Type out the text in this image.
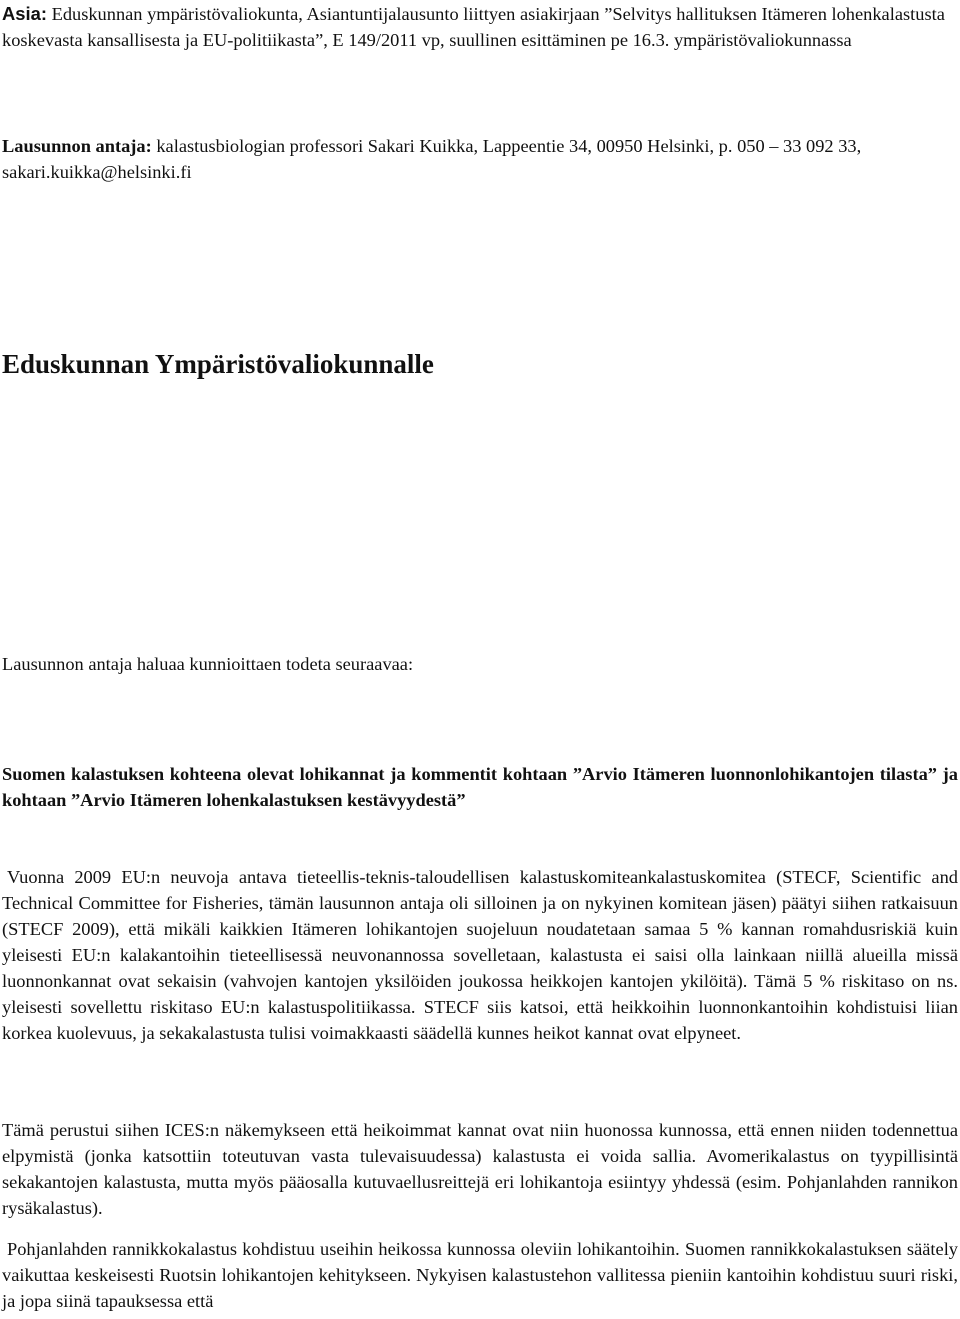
Asia: Eduskunnan ympäristövaliokunta, Asiantuntijalausunto liittyen asiakirjaan ”Selvitys hallituksen Itämeren lohenkalastusta koskevasta kansallisesta ja EU-politiikasta”, E 149/2011 vp, suullinen esittäminen pe 16.3. ympäristövaliokunnassa

Lausunnon antaja: kalastusbiologian professori Sakari Kuikka, Lappeentie 34, 00950 Helsinki, p. 050 – 33 092 33, sakari.kuikka@helsinki.fi

Eduskunnan Ympäristövaliokunnalle

Lausunnon antaja haluaa kunnioittaen todeta seuraavaa:

Suomen kalastuksen kohteena olevat lohikannat ja kommentit kohtaan ”Arvio Itämeren luonnonlohikantojen tilasta” ja kohtaan ”Arvio Itämeren lohenkalastuksen kestävyydestä”

Vuonna 2009 EU:n neuvoja antava tieteellis-teknis-taloudellisen kalastuskomiteankalastuskomitea (STECF, Scientific and Technical Committee for Fisheries, tämän lausunnon antaja oli silloinen ja on nykyinen komitean jäsen) päätyi siihen ratkaisuun (STECF 2009), että mikäli kaikkien Itämeren lohikantojen suojeluun noudatetaan samaa 5 % kannan romahdusriskiä kuin yleisesti EU:n kalakantoihin tieteellisessä neuvonannossa sovelletaan, kalastusta ei saisi olla lainkaan niillä alueilla missä luonnonkannat ovat sekaisin (vahvojen kantojen yksilöiden joukossa heikkojen kantojen ykilöitä). Tämä 5 % riskitaso on ns. yleisesti sovellettu riskitaso EU:n kalastuspolitiikassa. STECF siis katsoi, että heikkoihin luonnonkantoihin kohdistuisi liian korkea kuolevuus, ja sekakalastusta tulisi voimakkaasti säädellä kunnes heikot kannat ovat elpyneet.

Tämä perustui siihen ICES:n näkemykseen että heikoimmat kannat ovat niin huonossa kunnossa, että ennen niiden todennettua elpymistä (jonka katsottiin toteutuvan vasta tulevaisuudessa) kalastusta ei voida sallia. Avomerikalastus on tyypillisintä sekakantojen kalastusta, mutta myös pääosalla kutuvaellusreittejä eri lohikantoja esiintyy yhdessä (esim. Pohjanlahden rannikon rysäkalastus).

Pohjanlahden rannikkokalastus kohdistuu useihin heikossa kunnossa oleviin lohikantoihin. Suomen rannikkokalastuksen säätely vaikuttaa keskeisesti Ruotsin lohikantojen kehitykseen. Nykyisen kalastustehon vallitessa pieniin kantoihin kohdistuu suuri riski, ja jopa siinä tapauksessa että
